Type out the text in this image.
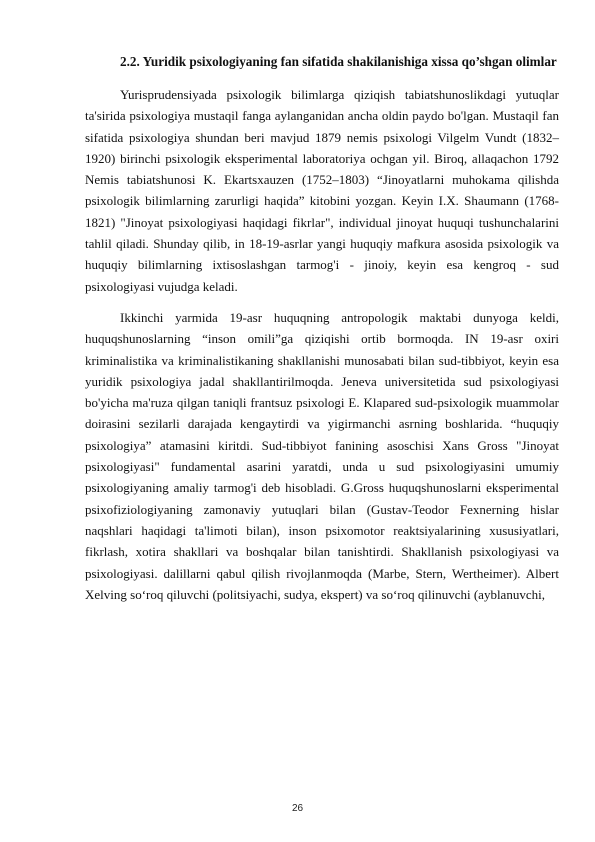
2.2. Yuridik psixologiyaning fan sifatida shakilanishiga xissa qo’shgan olimlar

Yurisprudensiyada psixologik bilimlarga qiziqish tabiatshunoslikdagi yutuqlar ta'sirida psixologiya mustaqil fanga aylanganidan ancha oldin paydo bo'lgan. Mustaqil fan sifatida psixologiya shundan beri mavjud 1879 nemis psixologi Vilgelm Vundt (1832–1920) birinchi psixologik eksperimental laboratoriya ochgan yil. Biroq, allaqachon 1792 Nemis tabiatshunosi K. Ekartsxauzen (1752–1803) “Jinoyatlarni muhokama qilishda psixologik bilimlarning zarurligi haqida” kitobini yozgan. Keyin I.X. Shaumann (1768-1821) "Jinoyat psixologiyasi haqidagi fikrlar", individual jinoyat huquqi tushunchalarini tahlil qiladi. Shunday qilib, in 18-19-asrlar yangi huquqiy mafkura asosida psixologik va huquqiy bilimlarning ixtisoslashgan tarmog'i - jinoiy, keyin esa kengroq - sud psixologiyasi vujudga keladi.

Ikkinchi yarmida 19-asr huquqning antropologik maktabi dunyoga keldi, huquqshunoslarning “inson omili”ga qiziqishi ortib bormoqda. IN 19-asr oxiri kriminalistika va kriminalistikaning shakllanishi munosabati bilan sud-tibbiyot, keyin esa yuridik psixologiya jadal shakllantirilmoqda. Jeneva universitetida sud psixologiyasi bo'yicha ma'ruza qilgan taniqli frantsuz psixologi E. Klapared sud-psixologik muammolar doirasini sezilarli darajada kengaytirdi va yigirmanchi asrning boshlarida. “huquqiy psixologiya” atamasini kiritdi. Sud-tibbiyot fanining asoschisi Xans Gross "Jinoyat psixologiyasi" fundamental asarini yaratdi, unda u sud psixologiyasini umumiy psixologiyaning amaliy tarmog'i deb hisobladi. G.Gross huquqshunoslarni eksperimental psixofiziologiyaning zamonaviy yutuqlari bilan (Gustav-Teodor Fexnerning hislar naqshlari haqidagi ta'limoti bilan), inson psixomotor reaktsiyalarining xususiyatlari, fikrlash, xotira shakllari va boshqalar bilan tanishtirdi. Shakllanish psixologiyasi va psixologiyasi. dalillarni qabul qilish rivojlanmoqda (Marbe, Stern, Wertheimer). Albert Xelving so‘roq qiluvchi (politsiyachi, sudya, ekspert) va so‘roq qilinuvchi (ayblanuvchi,

26
